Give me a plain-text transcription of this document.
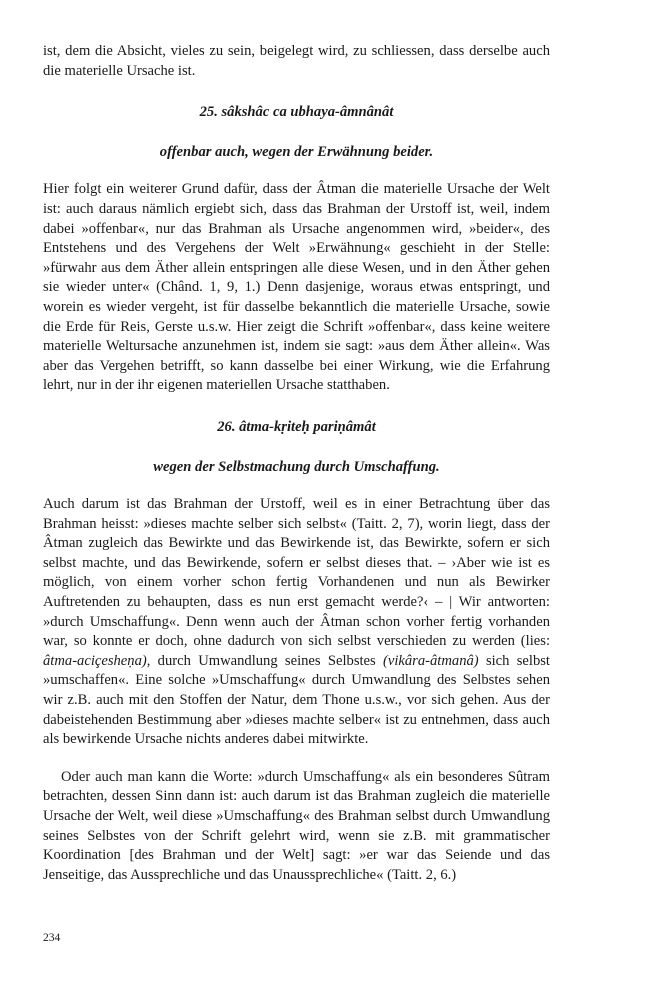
ist, dem die Absicht, vieles zu sein, beigelegt wird, zu schliessen, dass derselbe auch die materielle Ursache ist.

25. sâkshâc ca ubhaya-âmnânât
offenbar auch, wegen der Erwähnung beider.

Hier folgt ein weiterer Grund dafür, dass der Âtman die materielle Ursache der Welt ist: auch daraus nämlich ergiebt sich, dass das Brahman der Urstoff ist, weil, indem dabei »offenbar«, nur das Brahman als Ursache angenommen wird, »beider«, des Entstehens und des Vergehens der Welt »Erwähnung« geschieht in der Stelle: »fürwahr aus dem Äther allein entspringen alle diese Wesen, und in den Äther gehen sie wieder unter« (Chând. 1, 9, 1.) Denn dasjenige, woraus etwas entspringt, und worein es wieder vergeht, ist für dasselbe bekanntlich die materielle Ursache, sowie die Erde für Reis, Gerste u.s.w. Hier zeigt die Schrift »offenbar«, dass keine weitere materielle Weltursache anzunehmen ist, indem sie sagt: »aus dem Äther allein«. Was aber das Vergehen betrifft, so kann dasselbe bei einer Wirkung, wie die Erfahrung lehrt, nur in der ihr eigenen materiellen Ursache statthaben.

26. âtma-kṛiteḥ pariṇâmât
wegen der Selbstmachung durch Umschaffung.

Auch darum ist das Brahman der Urstoff, weil es in einer Betrachtung über das Brahman heisst: »dieses machte selber sich selbst« (Taitt. 2, 7), worin liegt, dass der Âtman zugleich das Bewirkte und das Bewirkende ist, das Bewirkte, sofern er sich selbst machte, und das Bewirkende, sofern er selbst dieses that. – ›Aber wie ist es möglich, von einem vorher schon fertig Vorhandenen und nun als Bewirker Auftretenden zu behaupten, dass es nun erst gemacht werde?‹ – | Wir antworten: »durch Umschaffung«. Denn wenn auch der Âtman schon vorher fertig vorhanden war, so konnte er doch, ohne dadurch von sich selbst verschieden zu werden (lies: âtma-aciçesheṇa), durch Umwandlung seines Selbstes (vikâra-âtmanâ) sich selbst »umschaffen«. Eine solche »Umschaffung« durch Umwandlung des Selbstes sehen wir z.B. auch mit den Stoffen der Natur, dem Thone u.s.w., vor sich gehen. Aus der dabeistehenden Bestimmung aber »dieses machte selber« ist zu entnehmen, dass auch als bewirkende Ursache nichts anderes dabei mitwirkte.

Oder auch man kann die Worte: »durch Umschaffung« als ein besonderes Sûtram betrachten, dessen Sinn dann ist: auch darum ist das Brahman zugleich die materielle Ursache der Welt, weil diese »Umschaffung« des Brahman selbst durch Umwandlung seines Selbstes von der Schrift gelehrt wird, wenn sie z.B. mit grammatischer Koordination [des Brahman und der Welt] sagt: »er war das Seiende und das Jenseitige, das Aussprechliche und das Unaussprechliche« (Taitt. 2, 6.)

234
